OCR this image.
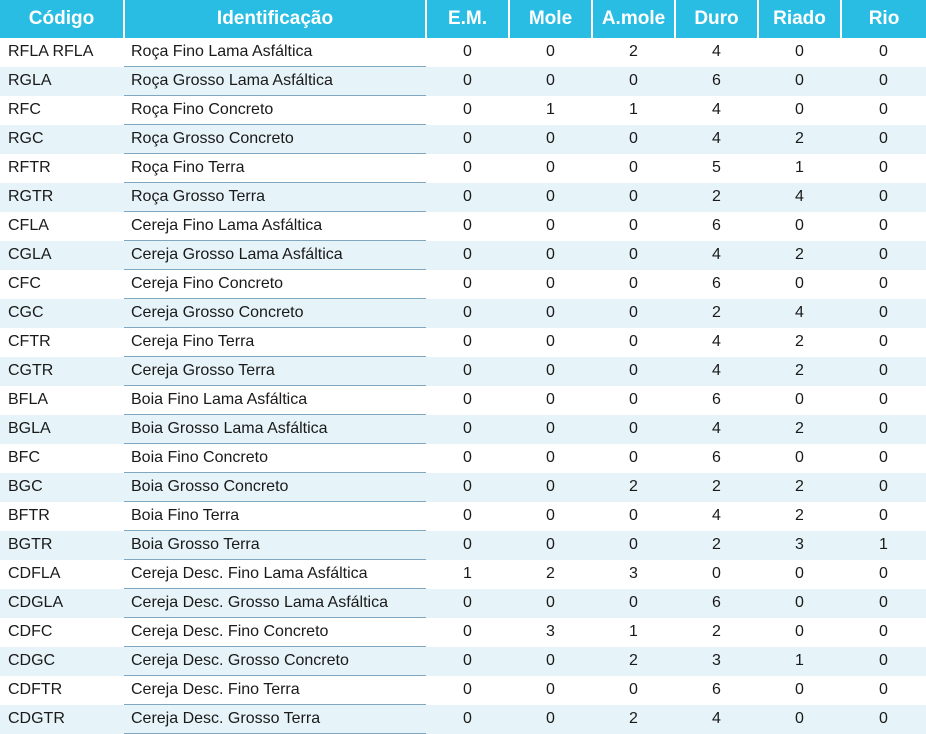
Código	Identificação	E.M.	Mole	A.mole	Duro	Riado	Rio
RFLA RFLA	Roça Fino Lama Asfáltica	0	0	2	4	0	0
RGLA	Roça Grosso Lama Asfáltica	0	0	0	6	0	0
RFC	Roça Fino Concreto	0	1	1	4	0	0
RGC	Roça Grosso Concreto	0	0	0	4	2	0
RFTR	Roça Fino Terra	0	0	0	5	1	0
RGTR	Roça Grosso Terra	0	0	0	2	4	0
CFLA	Cereja Fino Lama Asfáltica	0	0	0	6	0	0
CGLA	Cereja Grosso Lama Asfáltica	0	0	0	4	2	0
CFC	Cereja Fino Concreto	0	0	0	6	0	0
CGC	Cereja Grosso Concreto	0	0	0	2	4	0
CFTR	Cereja Fino Terra	0	0	0	4	2	0
CGTR	Cereja Grosso Terra	0	0	0	4	2	0
BFLA	Boia Fino Lama Asfáltica	0	0	0	6	0	0
BGLA	Boia Grosso Lama Asfáltica	0	0	0	4	2	0
BFC	Boia Fino Concreto	0	0	0	6	0	0
BGC	Boia Grosso Concreto	0	0	2	2	2	0
BFTR	Boia Fino Terra	0	0	0	4	2	0
BGTR	Boia Grosso Terra	0	0	0	2	3	1
CDFLA	Cereja Desc. Fino Lama Asfáltica	1	2	3	0	0	0
CDGLA	Cereja Desc. Grosso Lama Asfáltica	0	0	0	6	0	0
CDFC	Cereja Desc. Fino Concreto	0	3	1	2	0	0
CDGC	Cereja Desc. Grosso Concreto	0	0	2	3	1	0
CDFTR	Cereja Desc. Fino Terra	0	0	0	6	0	0
CDGTR	Cereja Desc. Grosso Terra	0	0	2	4	0	0
